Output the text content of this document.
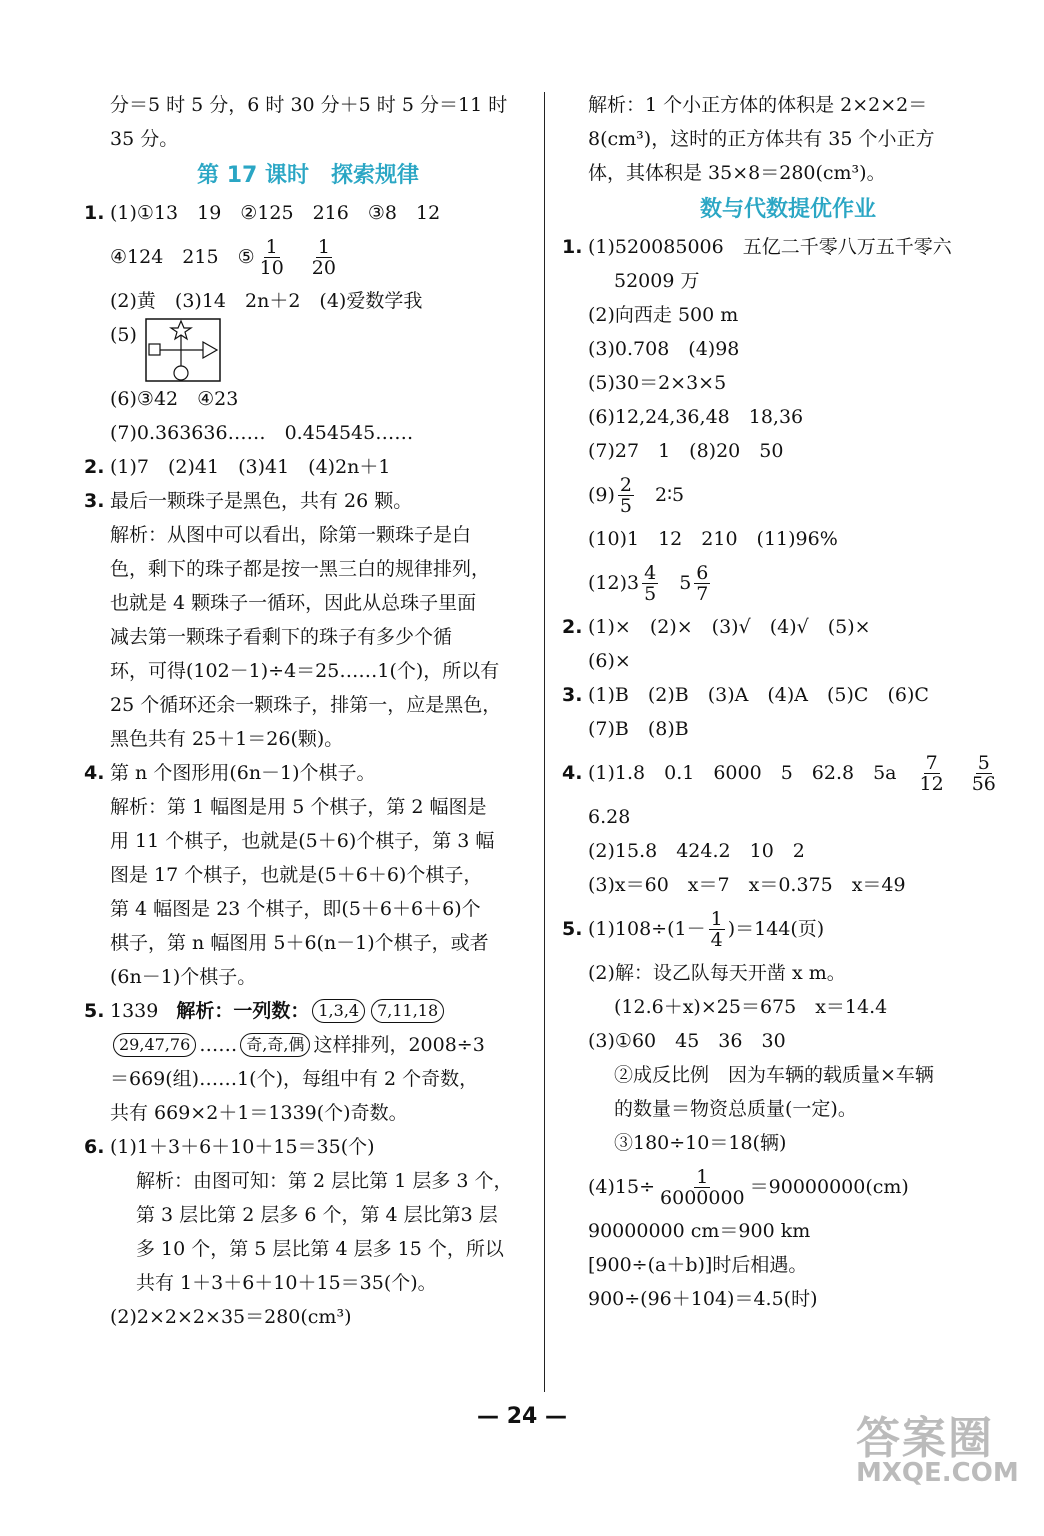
分＝5 时 5 分，6 时 30 分＋5 时 5 分＝11 时
35 分。
第 17 课时　探索规律
1. (1)①13　19　②125　216　③8　12
④124　215　⑤ $\frac{1}{10} \frac{1}{20}$
(2)黄　(3)14　2n＋2　(4)爱数学我
(5)
(6)③42　④23
(7)0.363636……　0.454545……
2. (1)7　(2)41　(3)41　(4)2n＋1
3. 最后一颗珠子是黑色，共有 26 颗。
解析：从图中可以看出，除第一颗珠子是白
色，剩下的珠子都是按一黑三白的规律排列，
也就是 4 颗珠子一循环，因此从总珠子里面
减去第一颗珠子看剩下的珠子有多少个循
环，可得(102－1)÷4＝25……1(个)，所以有
25 个循环还余一颗珠子，排第一，应是黑色，
黑色共有 25＋1＝26(颗)。
4. 第 n 个图形用(6n－1)个棋子。
解析：第 1 幅图是用 5 个棋子，第 2 幅图是
用 11 个棋子，也就是(5＋6)个棋子，第 3 幅
图是 17 个棋子，也就是(5＋6＋6)个棋子，
第 4 幅图是 23 个棋子，即(5＋6＋6＋6)个
棋子，第 n 幅图用 5＋6(n－1)个棋子，或者
(6n－1)个棋子。
5. 1339 解析：一列数： 1,3,4	7,11,18
29,47,76 …… 奇,奇,偶 这样排列，2008÷3
＝669(组)……1(个)，每组中有 2 个奇数，
共有 669×2＋1＝1339(个)奇数。
6. (1)1＋3＋6＋10＋15＝35(个)
解析：由图可知：第 2 层比第 1 层多 3 个，
第 3 层比第 2 层多 6 个，第 4 层比第3 层
多 10 个，第 5 层比第 4 层多 15 个，所以
共有 1＋3＋6＋10＋15＝35(个)。
(2)2×2×2×35＝280(cm³)
解析：1 个小正方体的体积是 2×2×2＝
8(cm³)，这时的正方体共有 35 个小正方
体，其体积是 35×8＝280(cm³)。
数与代数提优作业
1. (1)520085006　五亿二千零八万五千零六
52009 万
(2)向西走 500 m
(3)0.708　(4)98
(5)30＝2×3×5
(6)12,24,36,48　18,36
(7)27　1　(8)20　50
$(9) \frac{2}{5}$ 2∶5
(10)1　12　210　(11)96%
$(12)3 \frac{4}{5} 5 \frac{6}{7}$
2. (1)×　(2)×　(3)√　(4)√　(5)×
(6)×
3. (1)B　(2)B　(3)A　(4)A　(5)C　(6)C
(7)B　(8)B
4. (1)1.8　0.1　6000　5　62.8　$5a \frac{7}{12} \frac{5}{56}$
6.28
(2)15.8　424.2　10　2
(3)x＝60　x＝7　x＝0.375　x＝49
5. $(1)108\div(1- \frac{1}{4} )=144$(页)
(2)解：设乙队每天开凿 x m。
(12.6＋x)×25＝675　x＝14.4
(3)①60　45　36　30
②成反比例　因为车辆的载质量×车辆
的数量＝物资总质量(一定)。
③180÷10＝18(辆)
$(4)15\div \frac{1}{6000000} =90000000(cm)$
90000000 cm＝900 km
[900÷(a＋b)]时后相遇。
900÷(96＋104)＝4.5(时)
— 24 —	答案圈
MXQE.COM
